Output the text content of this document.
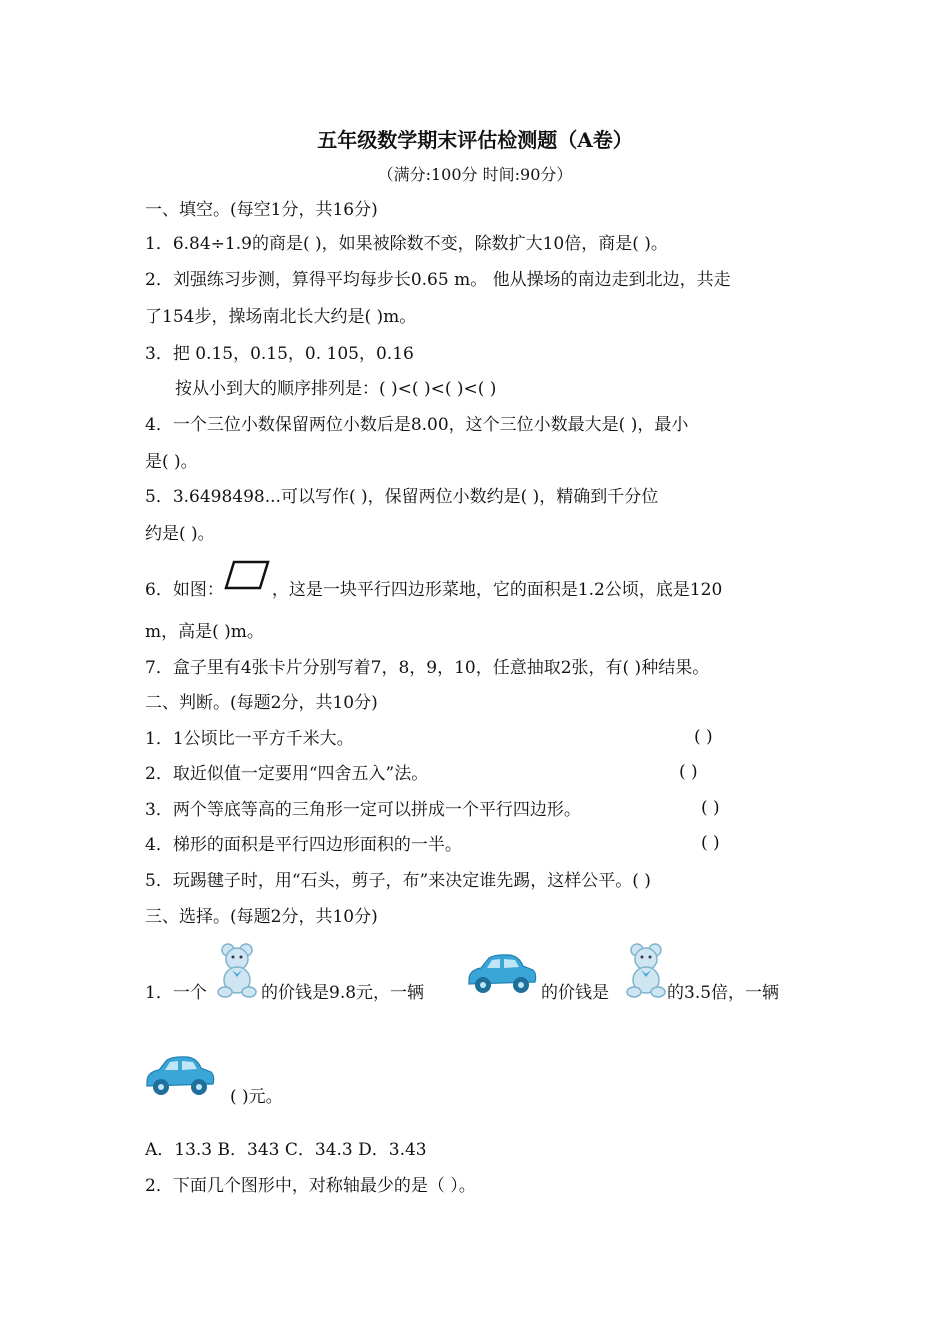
五年级数学期末评估检测题（A卷）
（满分:100分 时间:90分）
一、填空。(每空1分，共16分)
1．6.84÷1.9的商是( )，如果被除数不变，除数扩大10倍，商是( )。
2．刘强练习步测，算得平均每步长0.65 m。 他从操场的南边走到北边，共走
了154步，操场南北长大约是( )m。
3．把 0.15，0.15，0. 105，0.16
按从小到大的顺序排列是：( )<( )<( )<( )
4．一个三位小数保留两位小数后是8.00，这个三位小数最大是( )，最小
是( )。
5．3.6498498...可以写作( )，保留两位小数约是( )，精确到千分位
约是( )。
6．如图：	，这是一块平行四边形菜地，它的面积是1.2公顷，底是120
m，高是( )m。
7．盒子里有4张卡片分别写着7，8，9，10，任意抽取2张，有( )种结果。
二、判断。(每题2分，共10分)
1．1公顷比一平方千米大。	( )
2．取近似值一定要用“四舍五入”法。	( )
3．两个等底等高的三角形一定可以拼成一个平行四边形。	( )
4．梯形的面积是平行四边形面积的一半。	( )
5．玩踢毽子时，用“石头，剪子，布”来决定谁先踢，这样公平。( )
三、选择。(每题2分，共10分)
1．一个	的价钱是9.8元，一辆	的价钱是	的3.5倍，一辆
( )元。
A．13.3 B．343 C．34.3 D．3.43
2．下面几个图形中，对称轴最少的是（ ）。
